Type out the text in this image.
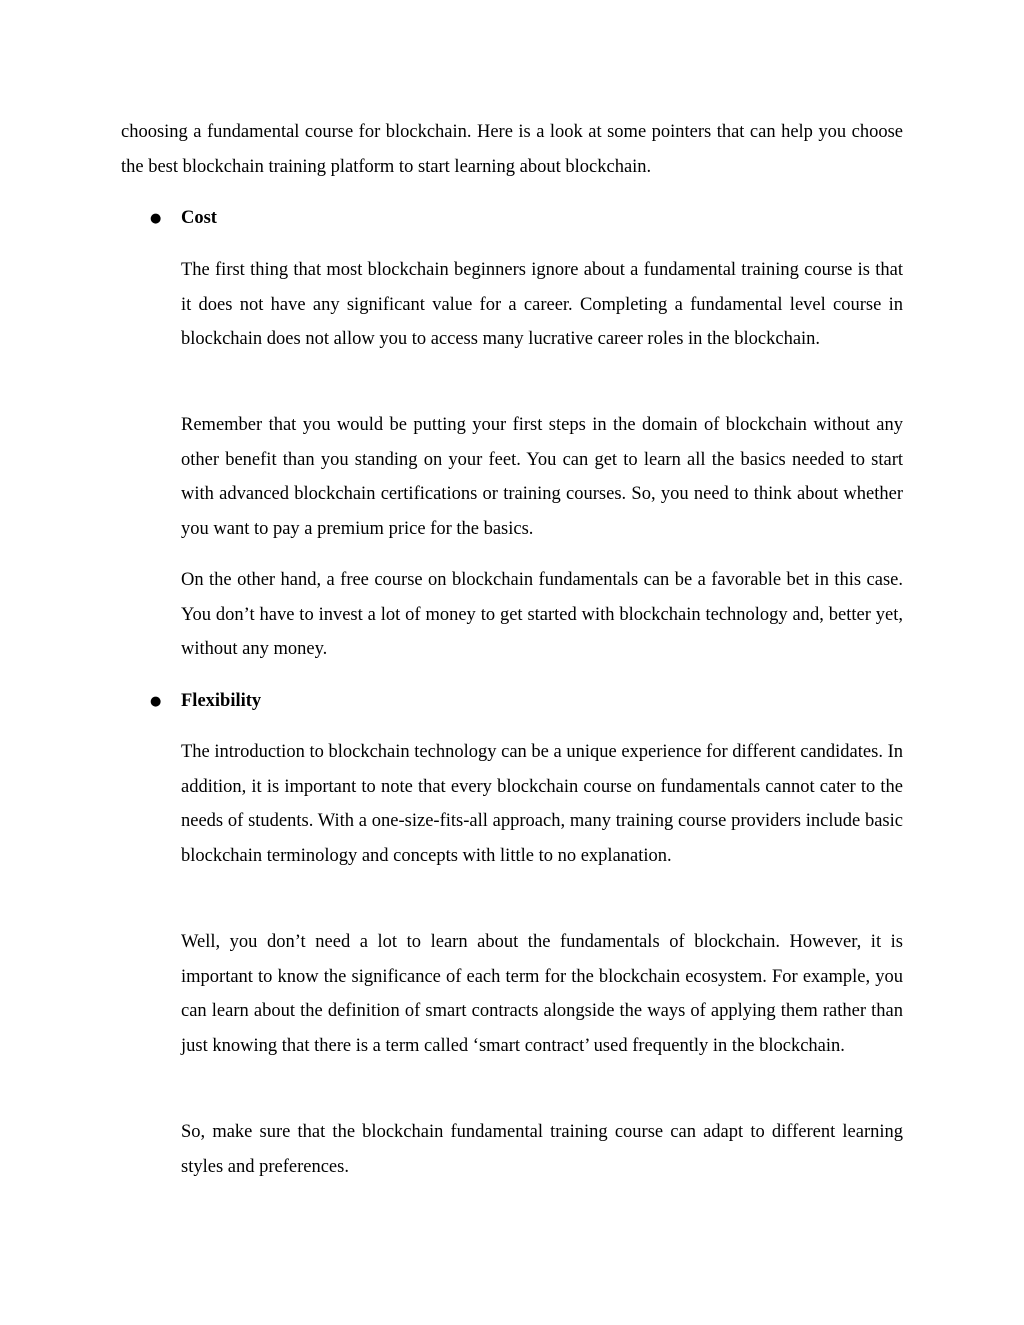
choosing a fundamental course for blockchain. Here is a look at some pointers that can help you choose the best blockchain training platform to start learning about blockchain.

● Cost

The first thing that most blockchain beginners ignore about a fundamental training course is that it does not have any significant value for a career. Completing a fundamental level course in blockchain does not allow you to access many lucrative career roles in the blockchain.

Remember that you would be putting your first steps in the domain of blockchain without any other benefit than you standing on your feet. You can get to learn all the basics needed to start with advanced blockchain certifications or training courses. So, you need to think about whether you want to pay a premium price for the basics.

On the other hand, a free course on blockchain fundamentals can be a favorable bet in this case. You don’t have to invest a lot of money to get started with blockchain technology and, better yet, without any money.

● Flexibility

The introduction to blockchain technology can be a unique experience for different candidates. In addition, it is important to note that every blockchain course on fundamentals cannot cater to the needs of students. With a one-size-fits-all approach, many training course providers include basic blockchain terminology and concepts with little to no explanation.

Well, you don’t need a lot to learn about the fundamentals of blockchain. However, it is important to know the significance of each term for the blockchain ecosystem. For example, you can learn about the definition of smart contracts alongside the ways of applying them rather than just knowing that there is a term called ‘smart contract’ used frequently in the blockchain.

So, make sure that the blockchain fundamental training course can adapt to different learning styles and preferences.
